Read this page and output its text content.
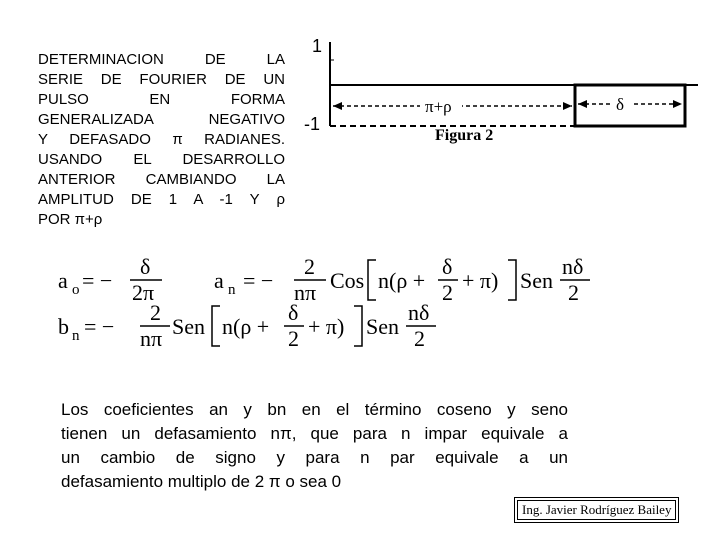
DETERMINACION DE LA
SERIE DE FOURIER DE UN
PULSO EN FORMA
GENERALIZADA NEGATIVO
Y DEFASADO π RADIANES.
USANDO EL DESARROLLO
ANTERIOR CAMBIANDO LA
AMPLITUD DE 1 A -1 Y ρ
POR π+ρ
1
-1
π+ρ	δ
Figura 2
a o = −
δ
2π	a n = −
2
nπ Cos n(ρ +
δ
2 + π) Sen
nδ
2
b n = −
2
nπ Sen n(ρ +
δ
2 + π) Sen
nδ
2
Los coeficientes an y bn en el término coseno y seno
tienen un defasamiento nπ, que para n impar equivale a
un cambio de signo y para n par equivale a un
defasamiento multiplo de 2 π o sea 0
Ing. Javier Rodríguez Bailey
